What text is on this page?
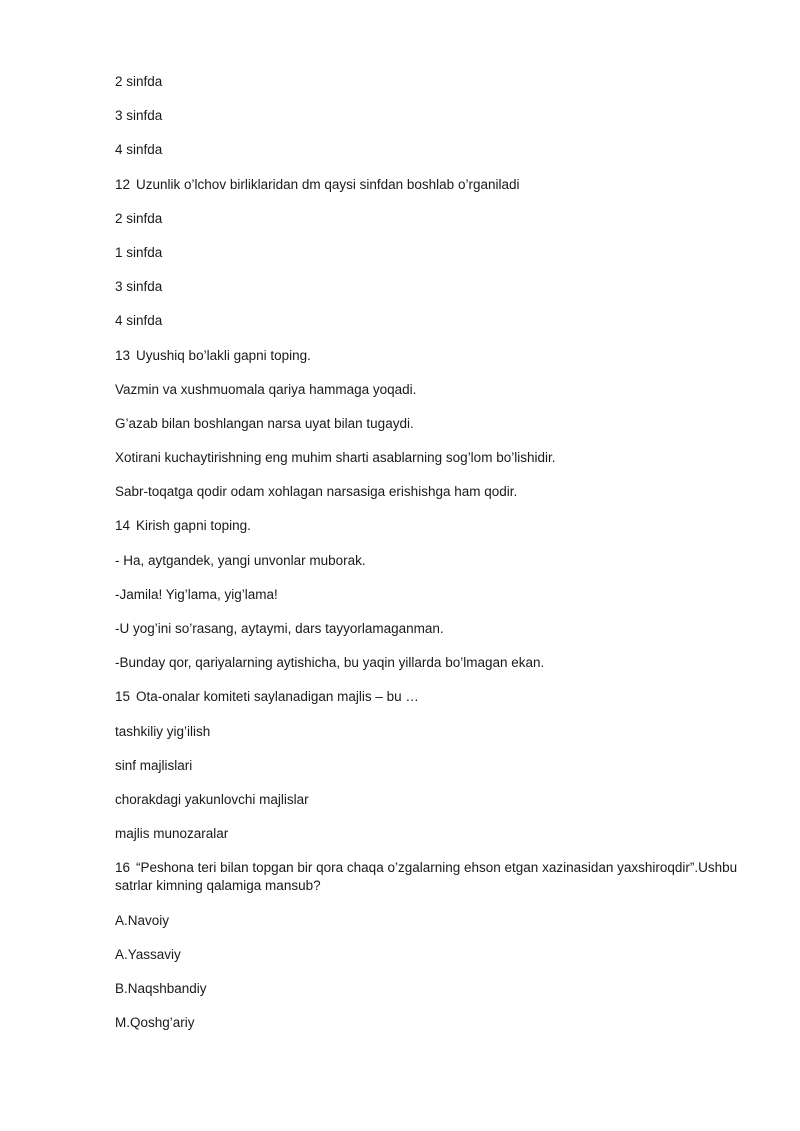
2 sinfda

3 sinfda

4 sinfda

12 Uzunlik o’lchov birliklaridan dm qaysi sinfdan boshlab o’rganiladi

2 sinfda

1 sinfda

3 sinfda

4 sinfda

13 Uyushiq bo’lakli gapni toping.

Vazmin va xushmuomala qariya hammaga yoqadi.

G’azab bilan boshlangan narsa uyat bilan tugaydi.

Xotirani kuchaytirishning eng muhim sharti asablarning sog’lom bo’lishidir.

Sabr-toqatga qodir odam xohlagan narsasiga erishishga ham qodir.

14 Kirish gapni toping.

- Ha, aytgandek, yangi unvonlar muborak.

-Jamila! Yig’lama, yig’lama!

-U yog’ini so’rasang, aytaymi, dars tayyorlamaganman.

-Bunday qor, qariyalarning aytishicha, bu yaqin yillarda bo’lmagan ekan.

15 Ota-onalar komiteti saylanadigan majlis – bu …

tashkiliy yig’ilish

sinf majlislari

chorakdagi yakunlovchi majlislar

majlis munozaralar

16 “Peshona teri bilan topgan bir qora chaqa o’zgalarning ehson etgan xazinasidan yaxshiroqdir”.Ushbu satrlar kimning qalamiga mansub?

A.Navoiy

A.Yassaviy

B.Naqshbandiy

M.Qoshg’ariy
